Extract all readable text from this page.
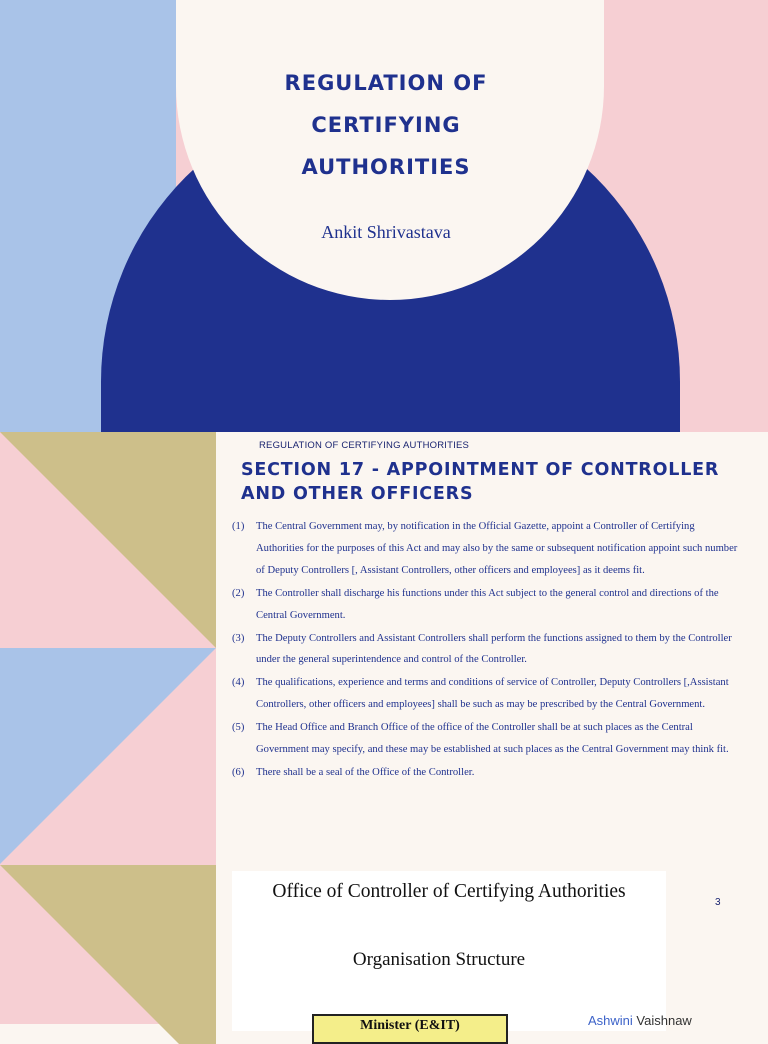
REGULATION OF
CERTIFYING
AUTHORITIES
Ankit Shrivastava
REGULATION OF CERTIFYING AUTHORITIES
SECTION 17 - APPOINTMENT OF CONTROLLER AND OTHER OFFICERS
(1)	The Central Government may, by notification in the Official Gazette, appoint a Controller of Certifying Authorities for the purposes of this Act and may also by the same or subsequent notification appoint such number of Deputy Controllers [, Assistant Controllers, other officers and employees] as it deems fit.
(2)	The Controller shall discharge his functions under this Act subject to the general control and directions of the Central Government.
(3)	The Deputy Controllers and Assistant Controllers shall perform the functions assigned to them by the Controller under the general superintendence and control of the Controller.
(4)	The qualifications, experience and terms and conditions of service of Controller, Deputy Controllers [,Assistant Controllers, other officers and employees] shall be such as may be prescribed by the Central Government.
(5)	The Head Office and Branch Office of the office of the Controller shall be at such places as the Central Government may specify, and these may be established at such places as the Central Government may think fit.
(6)	There shall be a seal of the Office of the Controller.
Office of Controller of Certifying Authorities
Organisation Structure
Minister (E&IT)
3
Ashwini Vaishnaw
